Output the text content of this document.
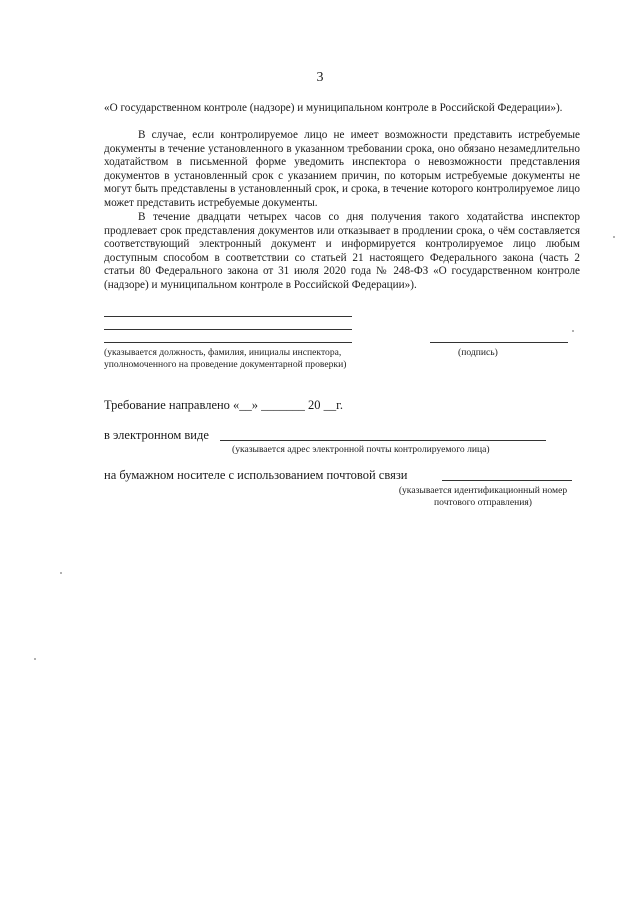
3

«О государственном контроле (надзоре) и муниципальном контроле в Российской Федерации»).

В случае, если контролируемое лицо не имеет возможности представить истребуемые документы в течение установленного в указанном требовании срока, оно обязано незамедлительно ходатайством в письменной форме уведомить инспектора о невозможности представления документов в установленный срок с указанием причин, по которым истребуемые документы не могут быть представлены в установленный срок, и срока, в течение которого контролируемое лицо может представить истребуемые документы.

В течение двадцати четырех часов со дня получения такого ходатайства инспектор продлевает срок представления документов или отказывает в продлении срока, о чём составляется соответствующий электронный документ и информируется контролируемое лицо любым доступным способом в соответствии со статьей 21 настоящего Федерального закона (часть 2 статьи 80 Федерального закона от 31 июля 2020 года № 248-ФЗ «О государственном контроле (надзоре) и муниципальном контроле в Российской Федерации»).

(указывается должность, фамилия, инициалы инспектора, уполномоченного на проведение документарной проверки)
(подпись)
Требование направлено «__» _______ 20 __г.
в электронном виде
(указывается адрес электронной почты контролируемого лица)
на бумажном носителе с использованием почтовой связи
(указывается идентификационный номер почтового отправления)
